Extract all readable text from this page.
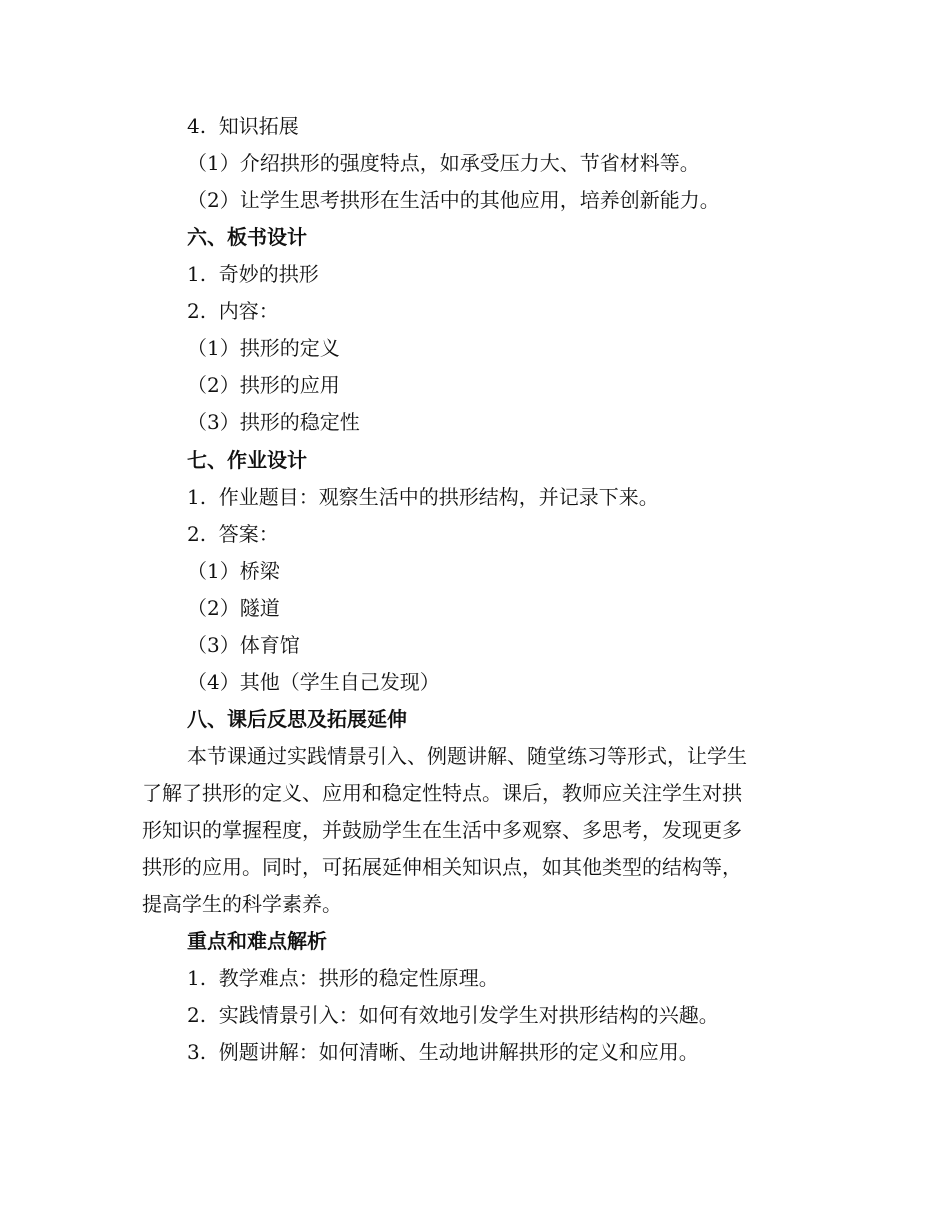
4.  知识拓展
（1）介绍拱形的强度特点，如承受压力大、节省材料等。
（2）让学生思考拱形在生活中的其他应用，培养创新能力。
六、板书设计
1.  奇妙的拱形
2.  内容：
（1）拱形的定义
（2）拱形的应用
（3）拱形的稳定性
七、作业设计
1.  作业题目：观察生活中的拱形结构，并记录下来。
2.  答案：
（1）桥梁
（2）隧道
（3）体育馆
（4）其他（学生自己发现）
八、课后反思及拓展延伸
本节课通过实践情景引入、例题讲解、随堂练习等形式，让学生
了解了拱形的定义、应用和稳定性特点。课后，教师应关注学生对拱
形知识的掌握程度，并鼓励学生在生活中多观察、多思考，发现更多
拱形的应用。同时，可拓展延伸相关知识点，如其他类型的结构等，
提高学生的科学素养。
重点和难点解析
1.  教学难点：拱形的稳定性原理。
2.  实践情景引入：如何有效地引发学生对拱形结构的兴趣。
3.  例题讲解：如何清晰、生动地讲解拱形的定义和应用。
